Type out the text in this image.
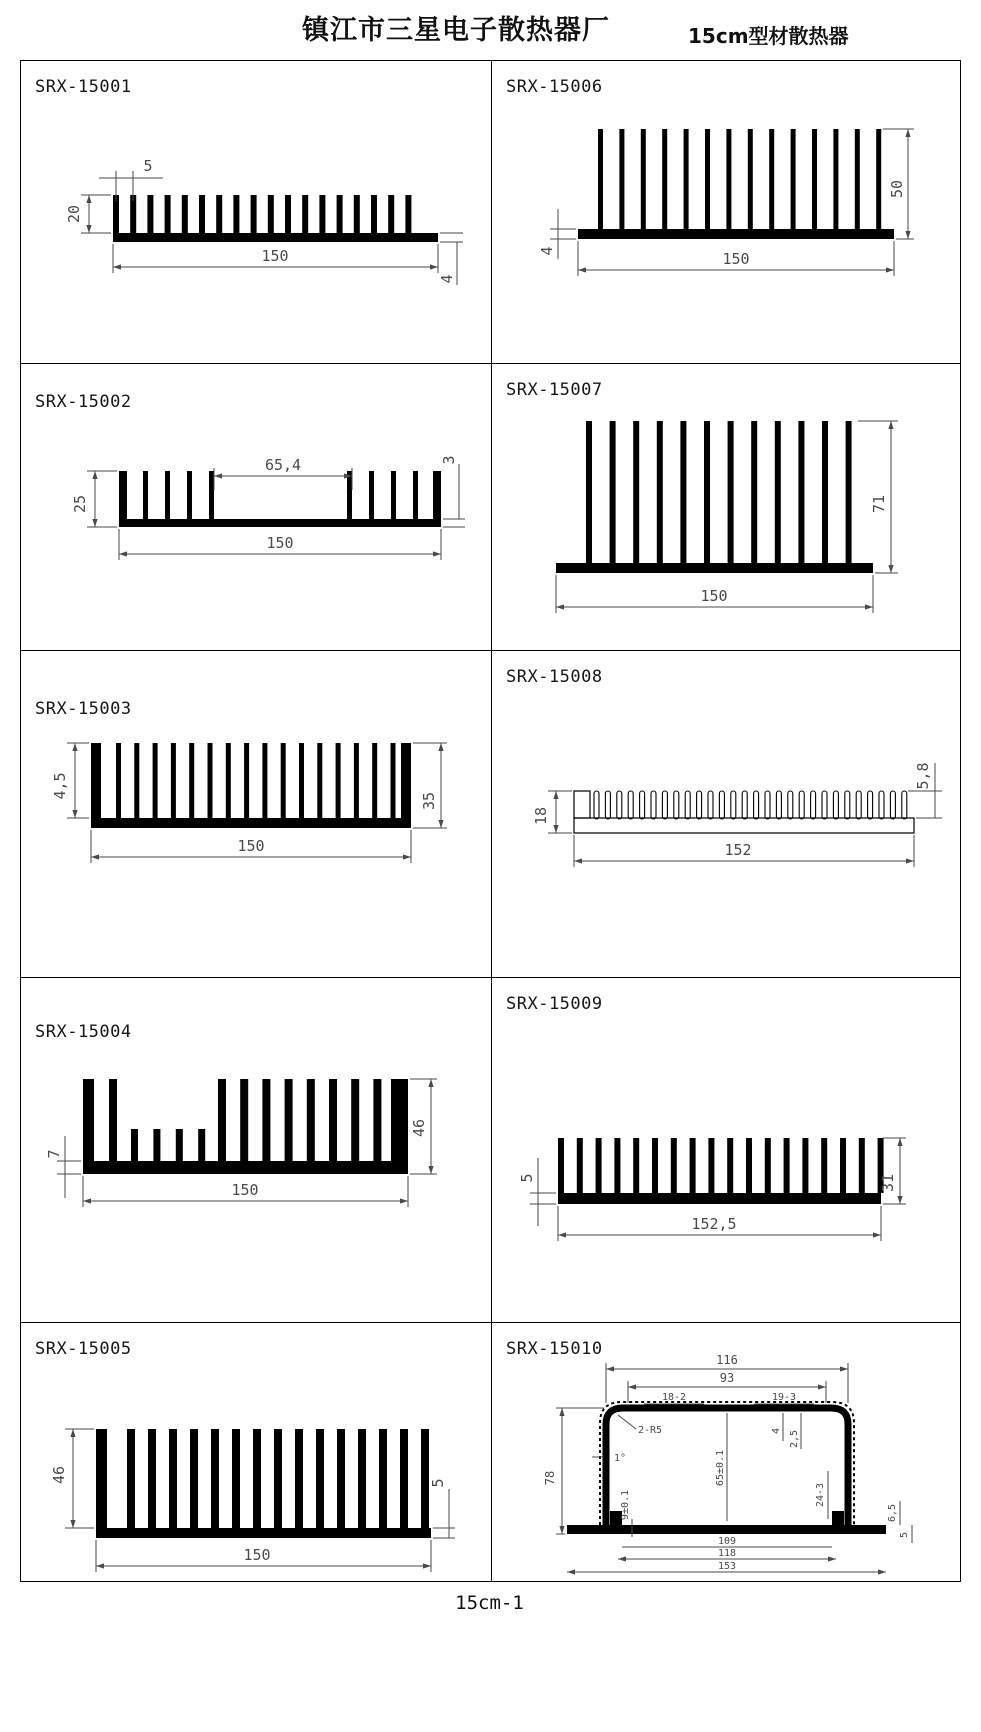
镇江市三星电子散热器厂	15cm型材散热器
SRX-15001
5
20
150
4
SRX-15006
4
50
150
SRX-15002
65,4
25
3
150
SRX-15007
71
150
SRX-15003
4,5
35
150
SRX-15008
18
5,8
152
SRX-15004
46
7
150
SRX-15009
5	31
152,5
SRX-15005
46	5
150
SRX-15010
116
93
18-2	19-3
2-R5
1°
4 2,5
65±0.1
78
9±0.1	24-3
6,5
5
109
118
153
15cm-1
